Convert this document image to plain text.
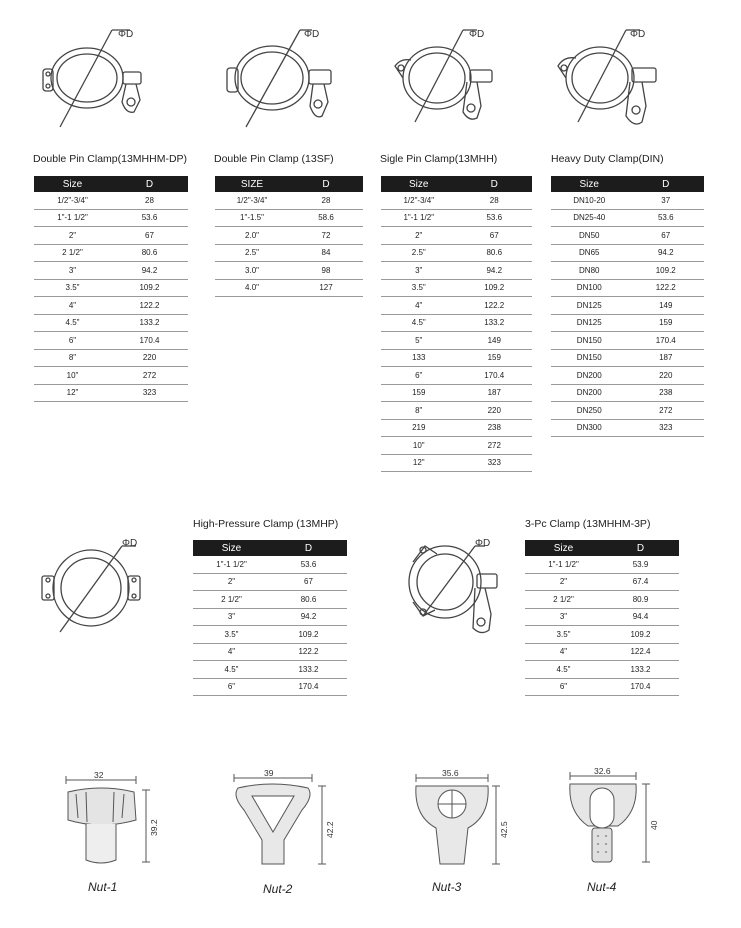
ΦD	ΦD	ΦD	ΦD
Double Pin Clamp(13MHHM-DP)	Double Pin Clamp (13SF)	Sigle Pin Clamp(13MHH)	Heavy Duty Clamp(DIN)
Size	D
1/2"-3/4"	28
1"-1 1/2"	53.6
2"	67
2 1/2"	80.6
3"	94.2
3.5"	109.2
4"	122.2
4.5"	133.2
6"	170.4
8"	220
10"	272
12"	323
SIZE	D
1/2"-3/4"	28
1"-1.5"	58.6
2.0"	72
2.5"	84
3.0"	98
4.0"	127
Size	D
1/2"-3/4"	28
1"-1 1/2"	53.6
2"	67
2.5"	80.6
3"	94.2
3.5"	109.2
4"	122.2
4.5"	133.2
5"	149
133	159
6"	170.4
159	187
8"	220
219	238
10"	272
12"	323
Size	D
DN10-20	37
DN25-40	53.6
DN50	67
DN65	94.2
DN80	109.2
DN100	122.2
DN125	149
DN125	159
DN150	170.4
DN150	187
DN200	220
DN200	238
DN250	272
DN300	323
ΦD	ΦD
High-Pressure Clamp (13MHP)	3-Pc Clamp (13MHHM-3P)
Size	D
1"-1 1/2"	53.6
2"	67
2 1/2"	80.6
3"	94.2
3.5"	109.2
4"	122.2
4.5"	133.2
6"	170.4
Size	D
1"-1 1/2"	53.9
2"	67.4
2 1/2"	80.9
3"	94.4
3.5"	109.2
4"	122.4
4.5"	133.2
6"	170.4
32
39.2
Nut-1
39
42.2
Nut-2
35.6
42.5
Nut-3
32.6
40
Nut-4
